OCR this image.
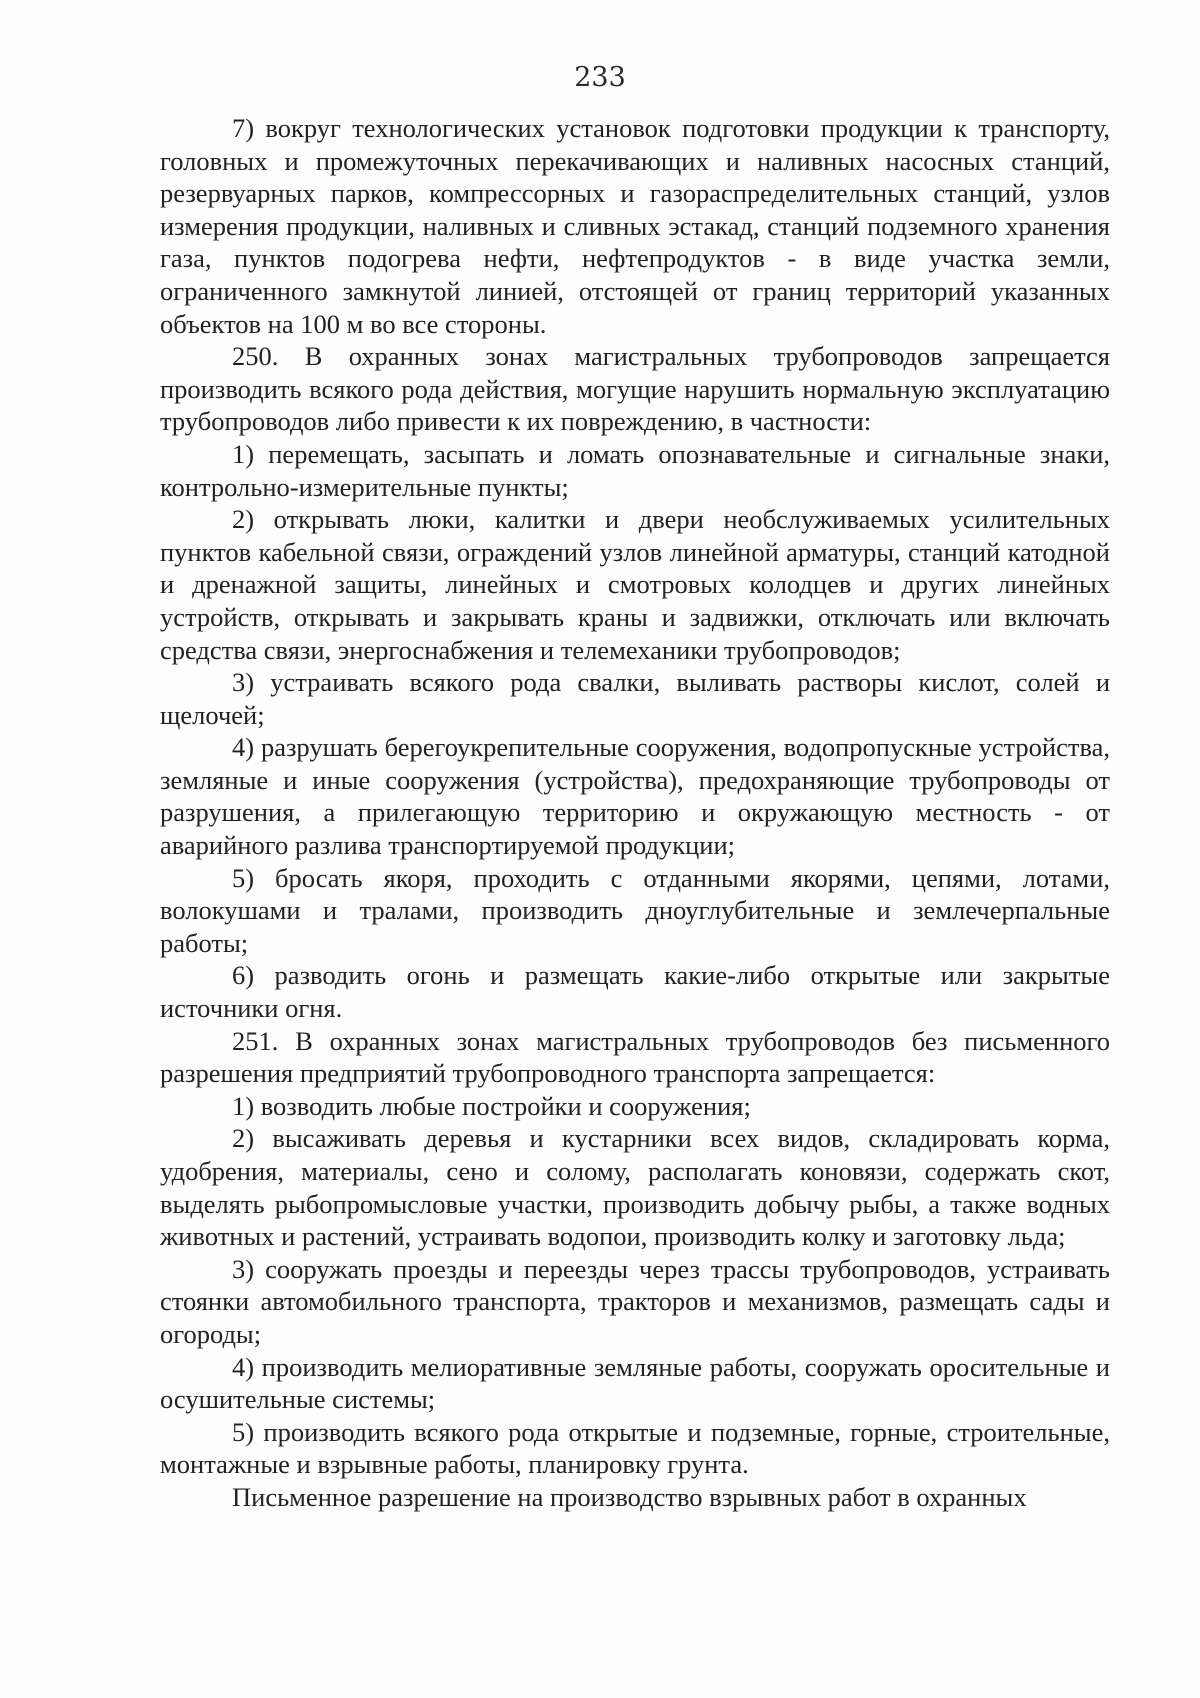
233

7) вокруг технологических установок подготовки продукции к транспорту, головных и промежуточных перекачивающих и наливных насосных станций, резервуарных парков, компрессорных и газораспределительных станций, узлов измерения продукции, наливных и сливных эстакад, станций подземного хранения газа, пунктов подогрева нефти, нефтепродуктов - в виде участка земли, ограниченного замкнутой линией, отстоящей от границ территорий указанных объектов на 100 м во все стороны.

250. В охранных зонах магистральных трубопроводов запрещается производить всякого рода действия, могущие нарушить нормальную эксплуатацию трубопроводов либо привести к их повреждению, в частности:

1) перемещать, засыпать и ломать опознавательные и сигнальные знаки, контрольно-измерительные пункты;

2) открывать люки, калитки и двери необслуживаемых усилительных пунктов кабельной связи, ограждений узлов линейной арматуры, станций катодной и дренажной защиты, линейных и смотровых колодцев и других линейных устройств, открывать и закрывать краны и задвижки, отключать или включать средства связи, энергоснабжения и телемеханики трубопроводов;

3) устраивать всякого рода свалки, выливать растворы кислот, солей и щелочей;

4) разрушать берегоукрепительные сооружения, водопропускные устройства, земляные и иные сооружения (устройства), предохраняющие трубопроводы от разрушения, а прилегающую территорию и окружающую местность - от аварийного разлива транспортируемой продукции;

5) бросать якоря, проходить с отданными якорями, цепями, лотами, волокушами и тралами, производить дноуглубительные и землечерпальные работы;

6) разводить огонь и размещать какие-либо открытые или закрытые источники огня.

251. В охранных зонах магистральных трубопроводов без письменного разрешения предприятий трубопроводного транспорта запрещается:

1) возводить любые постройки и сооружения;

2) высаживать деревья и кустарники всех видов, складировать корма, удобрения, материалы, сено и солому, располагать коновязи, содержать скот, выделять рыбопромысловые участки, производить добычу рыбы, а также водных животных и растений, устраивать водопои, производить колку и заготовку льда;

3) сооружать проезды и переезды через трассы трубопроводов, устраивать стоянки автомобильного транспорта, тракторов и механизмов, размещать сады и огороды;

4) производить мелиоративные земляные работы, сооружать оросительные и осушительные системы;

5) производить всякого рода открытые и подземные, горные, строительные, монтажные и взрывные работы, планировку грунта.

Письменное разрешение на производство взрывных работ в охранных
